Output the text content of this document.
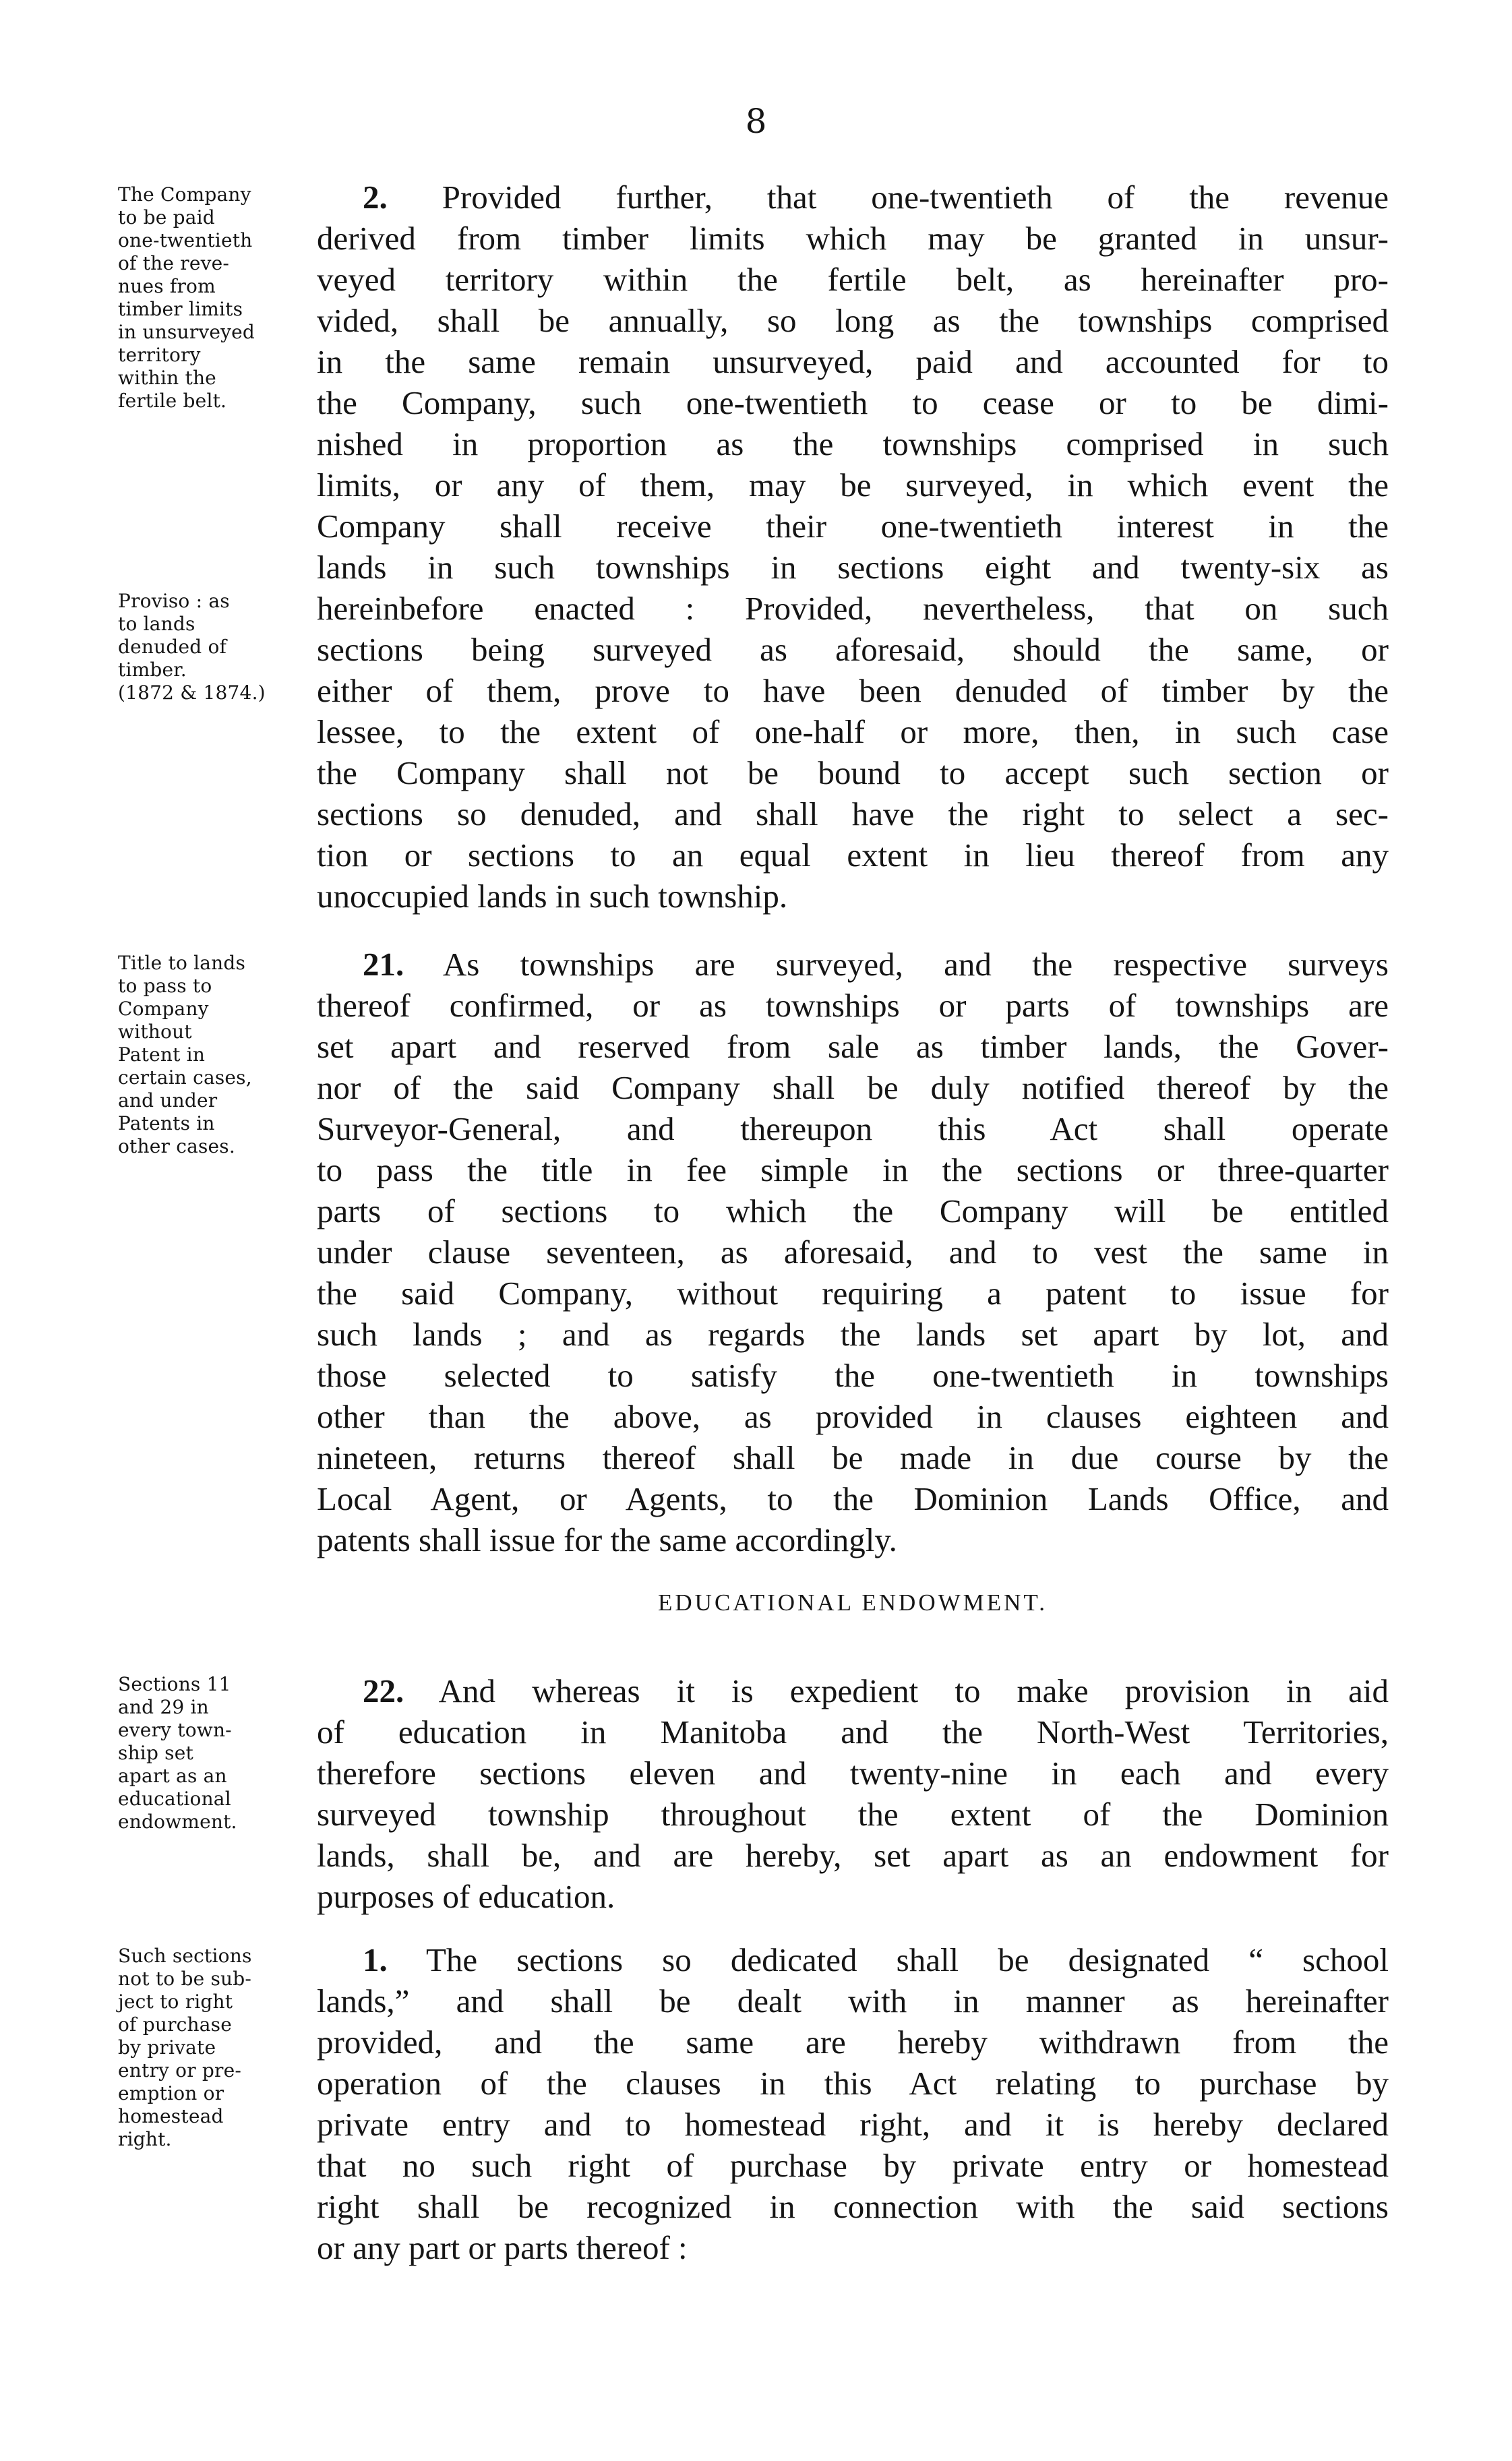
8
The Company
to be paid
one-twentieth
of the reve-
nues from
timber limits
in unsurveyed
territory
within the
fertile belt.
Proviso : as
to lands
denuded of
timber.
(1872 & 1874.)
Title to lands
to pass to
Company
without
Patent in
certain cases,
and under
Patents in
other cases.
Sections 11
and 29 in
every town-
ship set
apart as an
educational
endowment.
Such sections
not to be sub-
ject to right
of purchase
by private
entry or pre-
emption or
homestead
right.
2. Provided further, that one-twentieth of the revenue
derived from timber limits which may be granted in unsur-
veyed territory within the fertile belt, as hereinafter pro-
vided, shall be annually, so long as the townships comprised
in the same remain unsurveyed, paid and accounted for to
the Company, such one-twentieth to cease or to be dimi-
nished in proportion as the townships comprised in such
limits, or any of them, may be surveyed, in which event the
Company shall receive their one-twentieth interest in the
lands in such townships in sections eight and twenty-six as
hereinbefore enacted : Provided, nevertheless, that on such
sections being surveyed as aforesaid, should the same, or
either of them, prove to have been denuded of timber by the
lessee, to the extent of one-half or more, then, in such case
the Company shall not be bound to accept such section or
sections so denuded, and shall have the right to select a sec-
tion or sections to an equal extent in lieu thereof from any
unoccupied lands in such township.
21. As townships are surveyed, and the respective surveys
thereof confirmed, or as townships or parts of townships are
set apart and reserved from sale as timber lands, the Gover-
nor of the said Company shall be duly notified thereof by the
Surveyor-General, and thereupon this Act shall operate
to pass the title in fee simple in the sections or three-quarter
parts of sections to which the Company will be entitled
under clause seventeen, as aforesaid, and to vest the same in
the said Company, without requiring a patent to issue for
such lands ; and as regards the lands set apart by lot, and
those selected to satisfy the one-twentieth in townships
other than the above, as provided in clauses eighteen and
nineteen, returns thereof shall be made in due course by the
Local Agent, or Agents, to the Dominion Lands Office, and
patents shall issue for the same accordingly.
EDUCATIONAL ENDOWMENT.
22. And whereas it is expedient to make provision in aid
of education in Manitoba and the North-West Territories,
therefore sections eleven and twenty-nine in each and every
surveyed township throughout the extent of the Dominion
lands, shall be, and are hereby, set apart as an endowment for
purposes of education.
1. The sections so dedicated shall be designated “ school
lands,” and shall be dealt with in manner as hereinafter
provided, and the same are hereby withdrawn from the
operation of the clauses in this Act relating to purchase by
private entry and to homestead right, and it is hereby declared
that no such right of purchase by private entry or homestead
right shall be recognized in connection with the said sections
or any part or parts thereof :
